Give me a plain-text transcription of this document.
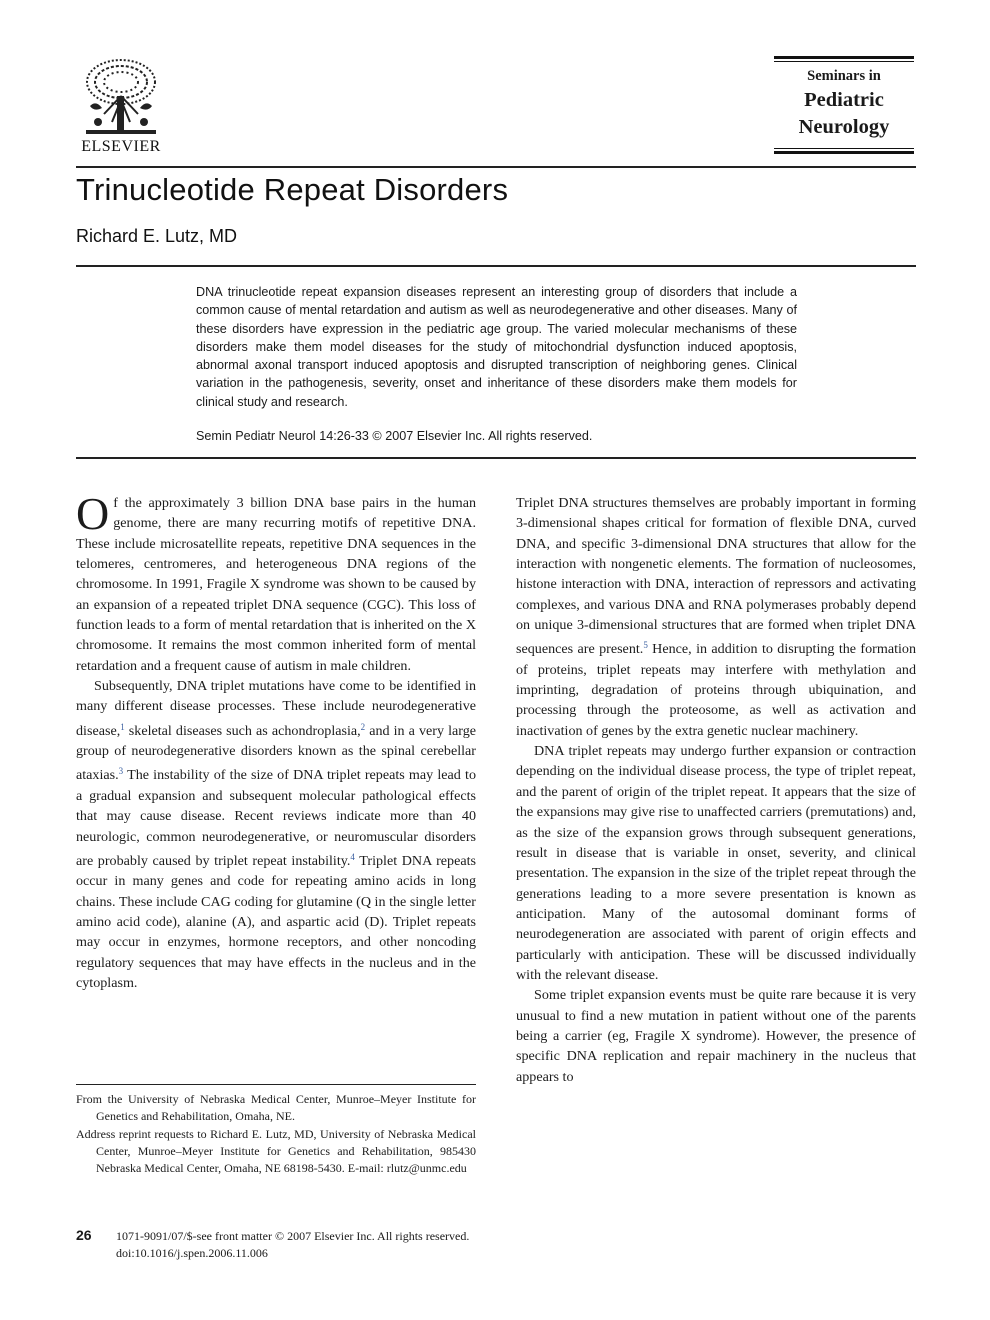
ELSEVIER
Seminars in
Pediatric
Neurology
Trinucleotide Repeat Disorders
Richard E. Lutz, MD
DNA trinucleotide repeat expansion diseases represent an interesting group of disorders that include a common cause of mental retardation and autism as well as neurodegenerative and other diseases. Many of these disorders have expression in the pediatric age group. The varied molecular mechanisms of these disorders make them model diseases for the study of mitochondrial dysfunction induced apoptosis, abnormal axonal transport induced apoptosis and disrupted transcription of neighboring genes. Clinical variation in the pathogenesis, severity, onset and inheritance of these disorders make them models for clinical study and research.
Semin Pediatr Neurol 14:26-33 © 2007 Elsevier Inc. All rights reserved.

Of the approximately 3 billion DNA base pairs in the human genome, there are many recurring motifs of repetitive DNA. These include microsatellite repeats, repetitive DNA sequences in the telomeres, centromeres, and heterogeneous DNA regions of the chromosome. In 1991, Fragile X syndrome was shown to be caused by an expansion of a repeated triplet DNA sequence (CGC). This loss of function leads to a form of mental retardation that is inherited on the X chromosome. It remains the most common inherited form of mental retardation and a frequent cause of autism in male children.

Subsequently, DNA triplet mutations have come to be identified in many different disease processes. These include neurodegenerative disease,$^1$ skeletal diseases such as achondroplasia,$^2$ and in a very large group of neurodegenerative disorders known as the spinal cerebellar ataxias.$^3$ The instability of the size of DNA triplet repeats may lead to a gradual expansion and subsequent molecular pathological effects that may cause disease. Recent reviews indicate more than 40 neurologic, common neurodegenerative, or neuromuscular disorders are probably caused by triplet repeat instability.$^4$ Triplet DNA repeats occur in many genes and code for repeating amino acids in long chains. These include CAG coding for glutamine (Q in the single letter amino acid code), alanine (A), and aspartic acid (D). Triplet repeats may occur in enzymes, hormone receptors, and other noncoding regulatory sequences that may have effects in the nucleus and in the cytoplasm.

Triplet DNA structures themselves are probably important in forming 3-dimensional shapes critical for formation of flexible DNA, curved DNA, and specific 3-dimensional DNA structures that allow for the interaction with nongenetic elements. The formation of nucleosomes, histone interaction with DNA, interaction of repressors and activating complexes, and various DNA and RNA polymerases probably depend on unique 3-dimensional structures that are formed when triplet DNA sequences are present.$^5$ Hence, in addition to disrupting the formation of proteins, triplet repeats may interfere with methylation and imprinting, degradation of proteins through ubiquination, and processing through the proteosome, as well as activation and inactivation of genes by the extra genetic nuclear machinery.

DNA triplet repeats may undergo further expansion or contraction depending on the individual disease process, the type of triplet repeat, and the parent of origin of the triplet repeat. It appears that the size of the expansions may give rise to unaffected carriers (premutations) and, as the size of the expansion grows through subsequent generations, result in disease that is variable in onset, severity, and clinical presentation. The expansion in the size of the triplet repeat through the generations leading to a more severe presentation is known as anticipation. Many of the autosomal dominant forms of neurodegeneration are associated with parent of origin effects and particularly with anticipation. These will be discussed individually with the relevant disease.

Some triplet expansion events must be quite rare because it is very unusual to find a new mutation in patient without one of the parents being a carrier (eg, Fragile X syndrome). However, the presence of specific DNA replication and repair machinery in the nucleus that appears to

From the University of Nebraska Medical Center, Munroe–Meyer Institute for Genetics and Rehabilitation, Omaha, NE.

Address reprint requests to Richard E. Lutz, MD, University of Nebraska Medical Center, Munroe–Meyer Institute for Genetics and Rehabilitation, 985430 Nebraska Medical Center, Omaha, NE 68198-5430. E-mail: rlutz@unmc.edu

26 1071-9091/07/$-see front matter © 2007 Elsevier Inc. All rights reserved.
doi:10.1016/j.spen.2006.11.006
